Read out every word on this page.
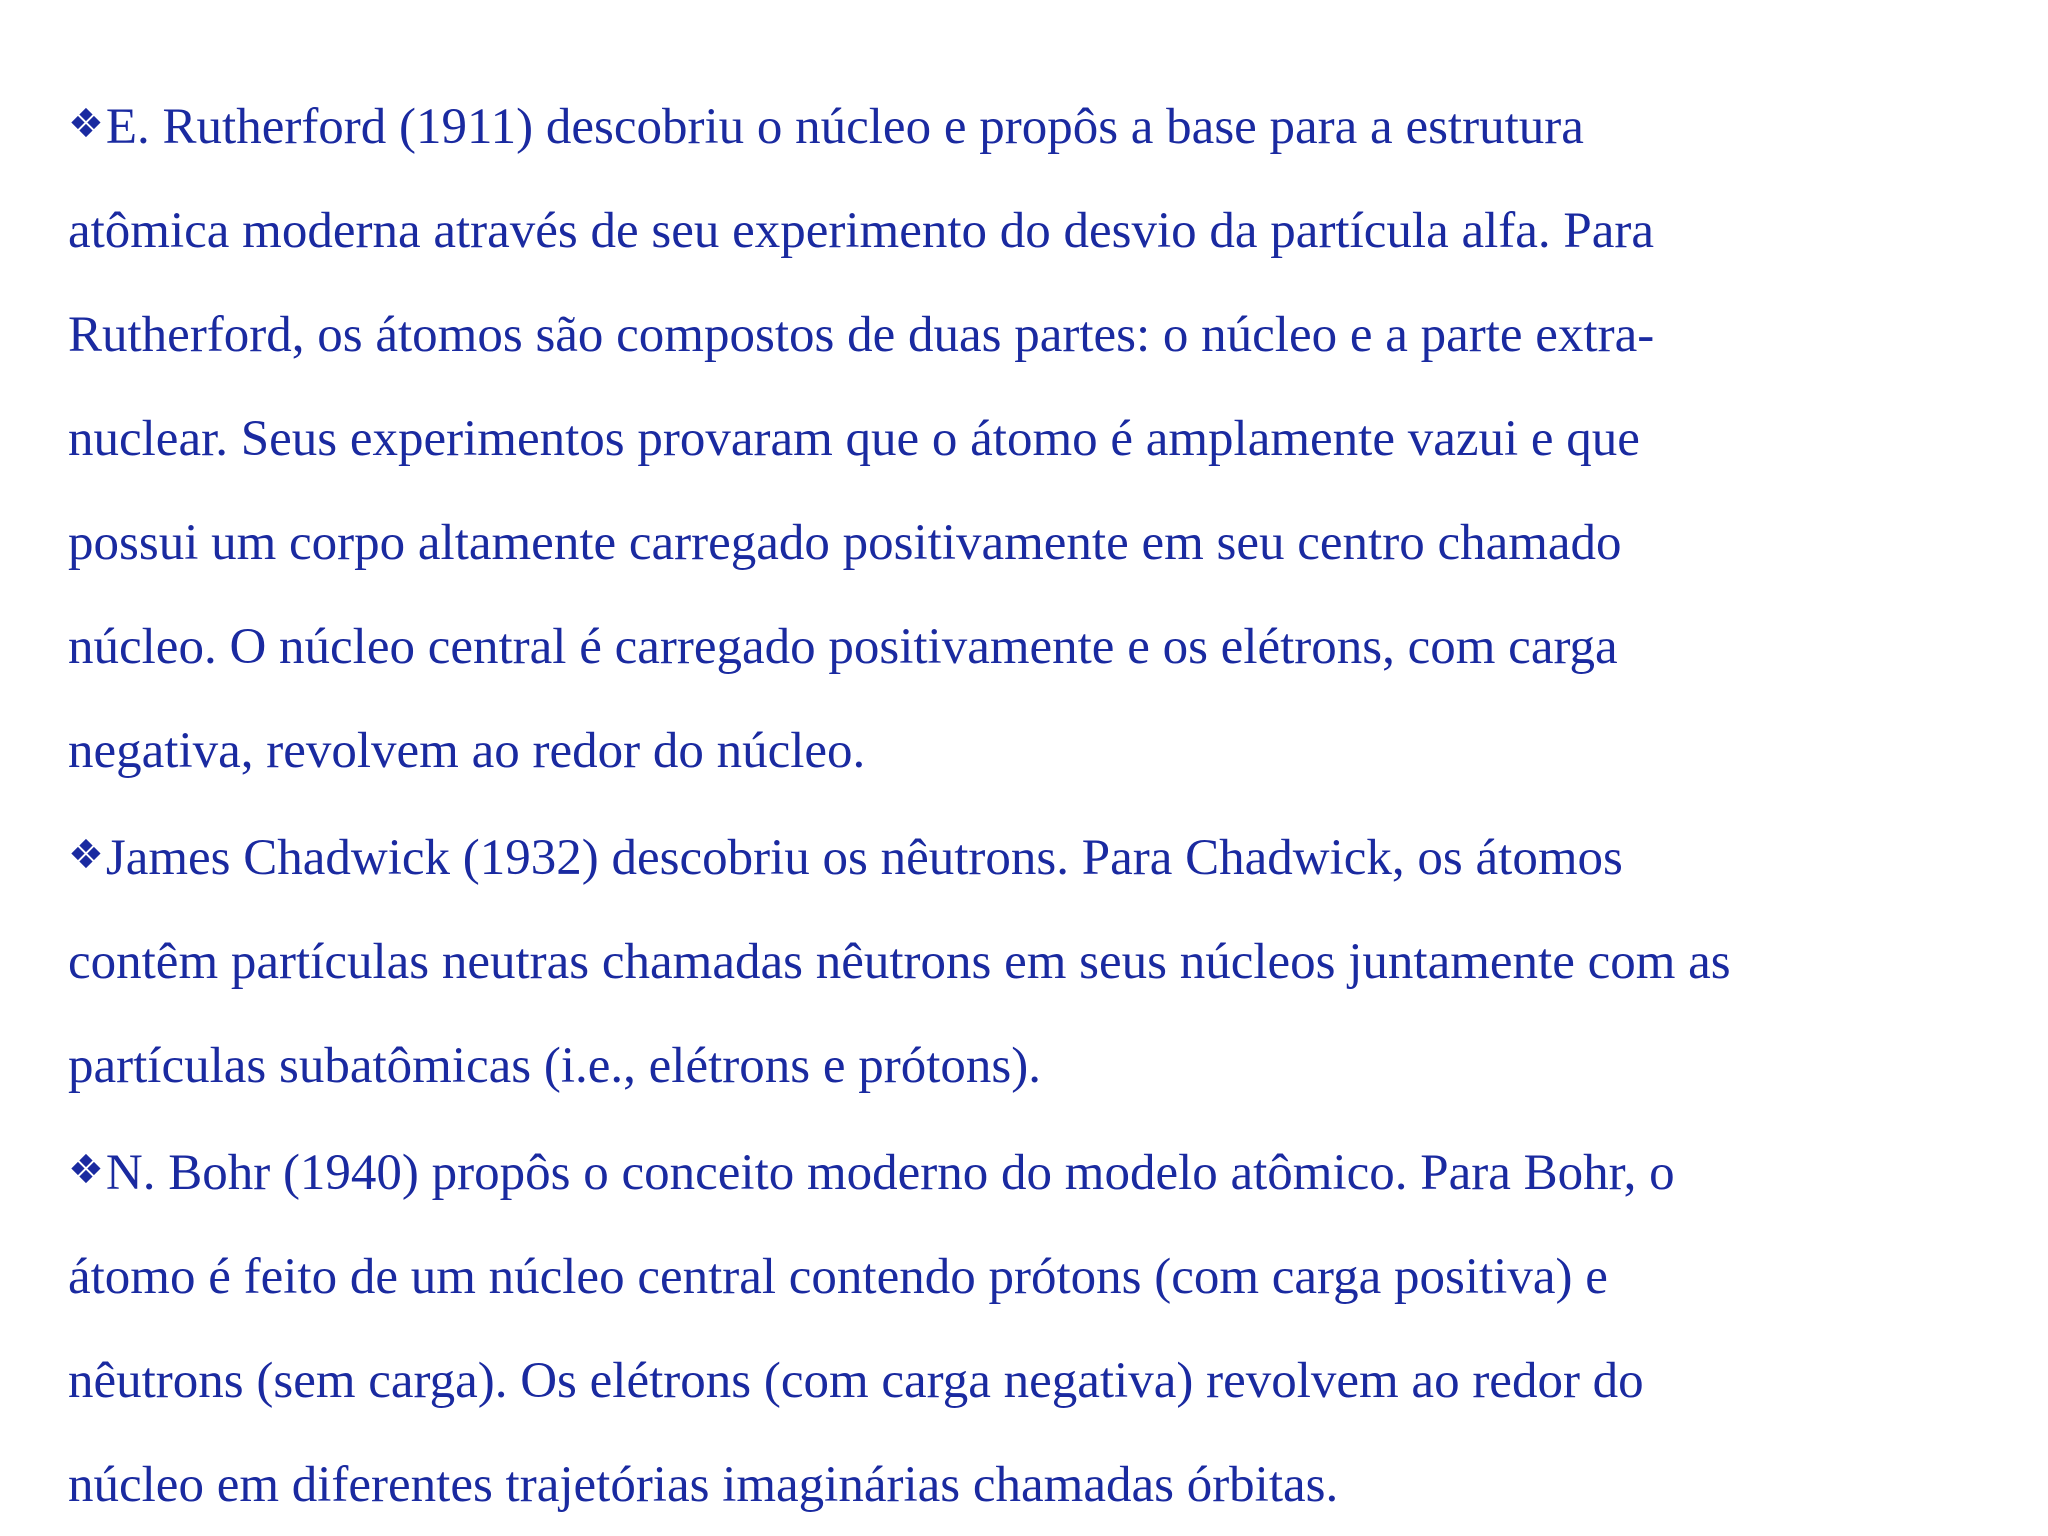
❖E. Rutherford (1911) descobriu o núcleo e propôs a base para a estrutura
atômica moderna através de seu experimento do desvio da partícula alfa. Para
Rutherford, os átomos são compostos de duas partes: o núcleo e a parte extra-
nuclear. Seus experimentos provaram que o átomo é amplamente vazui e que
possui um corpo altamente carregado positivamente em seu centro chamado
núcleo. O núcleo central é carregado positivamente e os elétrons, com carga
negativa, revolvem ao redor do núcleo.
❖James Chadwick (1932) descobriu os nêutrons. Para Chadwick, os átomos
contêm partículas neutras chamadas nêutrons em seus núcleos juntamente com as
partículas subatômicas (i.e., elétrons e prótons).
❖N. Bohr (1940) propôs o conceito moderno do modelo atômico. Para Bohr, o
átomo é feito de um núcleo central contendo prótons (com carga positiva) e
nêutrons (sem carga). Os elétrons (com carga negativa) revolvem ao redor do
núcleo em diferentes trajetórias imaginárias chamadas órbitas.
